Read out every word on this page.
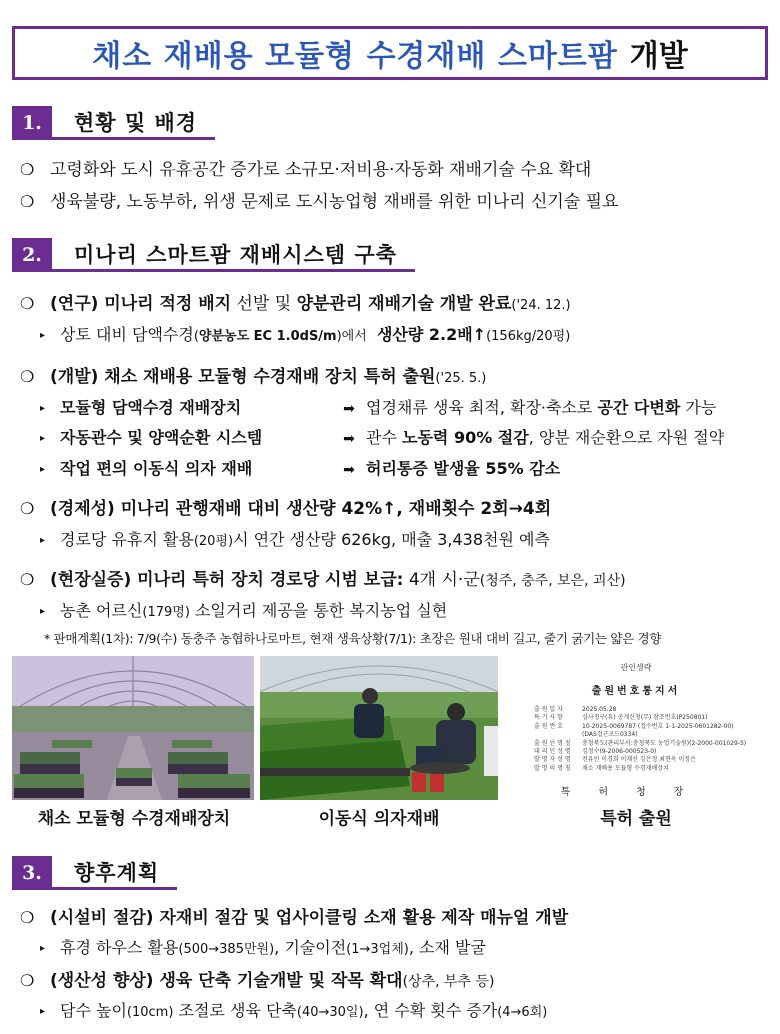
채소 재배용 모듈형 수경재배 스마트팜 개발
1.	현황 및 배경
❍ 고령화와 도시 유휴공간 증가로 소규모·저비용·자동화 재배기술 수요 확대
❍ 생육불량, 노동부하, 위생 문제로 도시농업형 재배를 위한 미나리 신기술 필요
2.	미나리 스마트팜 재배시스템 구축
❍ (연구) 미나리 적정 배지 선발 및 양분관리 재배기술 개발 완료 ('24. 12.)
▸ 상토 대비 담액수경 ( 양분농도 EC 1.0dS/m )에서 생산량 2.2배↑ (156kg/20평)
❍ (개발) 채소 재배용 모듈형 수경재배 장치 특허 출원 ('25. 5.)
▸ 모듈형 담액수경 재배장치	➡ 엽경채류 생육 최적, 확장·축소로 공간 다변화 가능
▸ 자동관수 및 양액순환 시스템	➡ 관수 노동력 90% 절감 , 양분 재순환으로 자원 절약
▸ 작업 편의 이동식 의자 재배	➡ 허리통증 발생율 55% 감소
❍ (경제성) 미나리 관행재배 대비 생산량 42%↑, 재배횟수 2회→4회
▸ 경로당 유휴지 활용 (20평) 시 연간 생산량 626kg, 매출 3,438천원 예측
❍ (현장실증) 미나리 특허 장치 경로당 시범 보급: 4개 시·군 (청주, 충주, 보은, 괴산)
▸ 농촌 어르신 (179명) 소일거리 제공을 통한 복지농업 실현
* 판매계획(1차): 7/9(수) 동충주 농협하나로마트, 현재 생육상황(7/1): 초장은 원내 대비 길고, 줄기 굵기는 얇은 경향
채소 모듈형 수경재배장치	이동식 의자재배
관인생략
출원번호통지서
출 원 일 자	2025.05.28
특 기 사 항	심사청구(유) 공개신청(무) 참조번호(P250801)
출 원 번 호	10-2025-0069787 (접수번호 1-1-2025-0601282-00)
(DAS접근코드0334)
출 원 인 명 칭 충청북도(관리부서:충청북도 농업기술원)(2-2000-001029-5)
대 리 인 성 명 김정수(9-2006-000523-0)
발 명 자 성 명 전유민 이경희 이재선 김은정 최현옥 이정은
발 명 의 명 칭 채소 재배용 모듈형 수경재배장치
특허청장
특허 출원
3.	향후계획
❍ (시설비 절감) 자재비 절감 및 업사이클링 소재 활용 제작 매뉴얼 개발
▸ 휴경 하우스 활용 (500→385만원) , 기술이전 (1→3업체) , 소재 발굴
❍ (생산성 향상) 생육 단축 기술개발 및 작목 확대 (상추, 부추 등)
▸ 담수 높이 (10cm) 조절로 생육 단축 (40→30일) , 연 수확 횟수 증가 (4→6회)
